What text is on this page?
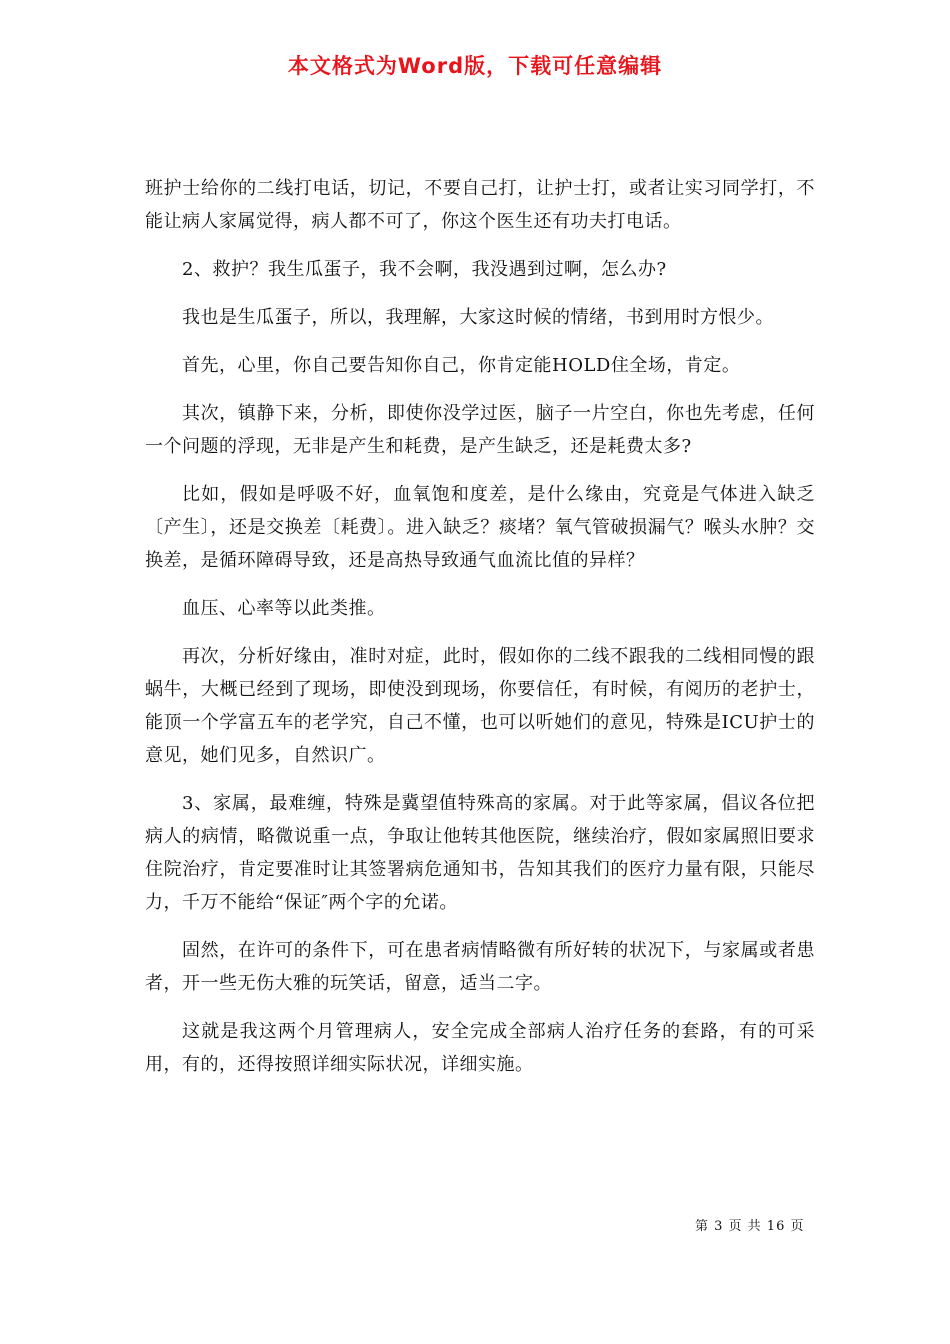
本文格式为Word版，下载可任意编辑

班护士给你的二线打电话，切记，不要自己打，让护士打，或者让实习同学打，不能让病人家属觉得，病人都不可了，你这个医生还有功夫打电话。

2、救护？我生瓜蛋子，我不会啊，我没遇到过啊，怎么办?

我也是生瓜蛋子，所以，我理解，大家这时候的情绪，书到用时方恨少。

首先，心里，你自己要告知你自己，你肯定能HOLD住全场，肯定。

其次，镇静下来，分析，即使你没学过医，脑子一片空白，你也先考虑，任何一个问题的浮现，无非是产生和耗费，是产生缺乏，还是耗费太多?

比如，假如是呼吸不好，血氧饱和度差，是什么缘由，究竟是气体进入缺乏〔产生〕，还是交换差〔耗费〕。进入缺乏？痰堵？氧气管破损漏气？喉头水肿？交换差，是循环障碍导致，还是高热导致通气血流比值的异样？

血压、心率等以此类推。

再次，分析好缘由，准时对症，此时，假如你的二线不跟我的二线相同慢的跟蜗牛，大概已经到了现场，即使没到现场，你要信任，有时候，有阅历的老护士，能顶一个学富五车的老学究，自己不懂，也可以听她们的意见，特殊是ICU护士的意见，她们见多，自然识广。

3、家属，最难缠，特殊是冀望值特殊高的家属。对于此等家属，倡议各位把病人的病情，略微说重一点，争取让他转其他医院，继续治疗，假如家属照旧要求住院治疗，肯定要准时让其签署病危通知书，告知其我们的医疗力量有限，只能尽力，千万不能给“保证″两个字的允诺。

固然，在许可的条件下，可在患者病情略微有所好转的状况下，与家属或者患者，开一些无伤大雅的玩笑话，留意，适当二字。

这就是我这两个月管理病人，安全完成全部病人治疗任务的套路，有的可采用，有的，还得按照详细实际状况，详细实施。

第 3 页 共 16 页
